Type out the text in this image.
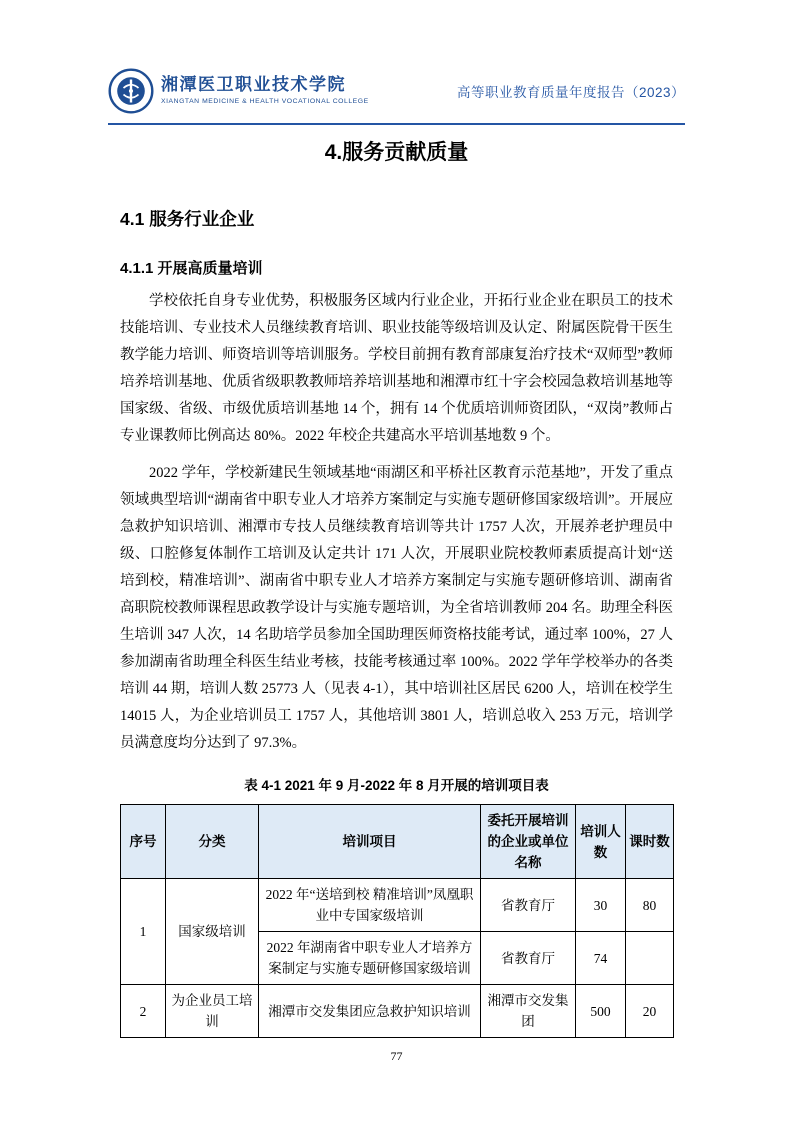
湘潭医卫职业技术学院
XIANGTAN MEDICINE & HEALTH VOCATIONAL COLLEGE
高等职业教育质量年度报告（2023）
4.服务贡献质量
4.1 服务行业企业
4.1.1 开展高质量培训

学校依托自身专业优势，积极服务区域内行业企业，开拓行业企业在职员工的技术技能培训、专业技术人员继续教育培训、职业技能等级培训及认定、附属医院骨干医生教学能力培训、师资培训等培训服务。学校目前拥有教育部康复治疗技术“双师型”教师培养培训基地、优质省级职教教师培养培训基地和湘潭市红十字会校园急救培训基地等国家级、省级、市级优质培训基地 14 个，拥有 14 个优质培训师资团队，“双岗”教师占专业课教师比例高达 80%。2022 年校企共建高水平培训基地数 9 个。

2022 学年，学校新建民生领域基地“雨湖区和平桥社区教育示范基地”，开发了重点领域典型培训“湖南省中职专业人才培养方案制定与实施专题研修国家级培训”。开展应急救护知识培训、湘潭市专技人员继续教育培训等共计 1757 人次，开展养老护理员中级、口腔修复体制作工培训及认定共计 171 人次，开展职业院校教师素质提高计划“送培到校，精准培训”、湖南省中职专业人才培养方案制定与实施专题研修培训、湖南省高职院校教师课程思政教学设计与实施专题培训，为全省培训教师 204 名。助理全科医生培训 347 人次，14 名助培学员参加全国助理医师资格技能考试，通过率 100%，27 人参加湖南省助理全科医生结业考核，技能考核通过率 100%。2022 学年学校举办的各类培训 44 期，培训人数 25773 人（见表 4-1），其中培训社区居民 6200 人，培训在校学生 14015 人，为企业培训员工 1757 人，其他培训 3801 人，培训总收入 253 万元，培训学员满意度均分达到了 97.3%。

表 4-1 2021 年 9 月-2022 年 8 月开展的培训项目表
序号	分类	培训项目	委托开展培训的企业或单位名称	培训人数	课时数
1	国家级培训	2022 年“送培到校 精准培训”凤凰职业中专国家级培训	省教育厅	30	80
		2022 年湖南省中职专业人才培养方案制定与实施专题研修国家级培训	省教育厅	74	
2	为企业员工培训	湘潭市交发集团应急救护知识培训	湘潭市交发集团	500	20
77
